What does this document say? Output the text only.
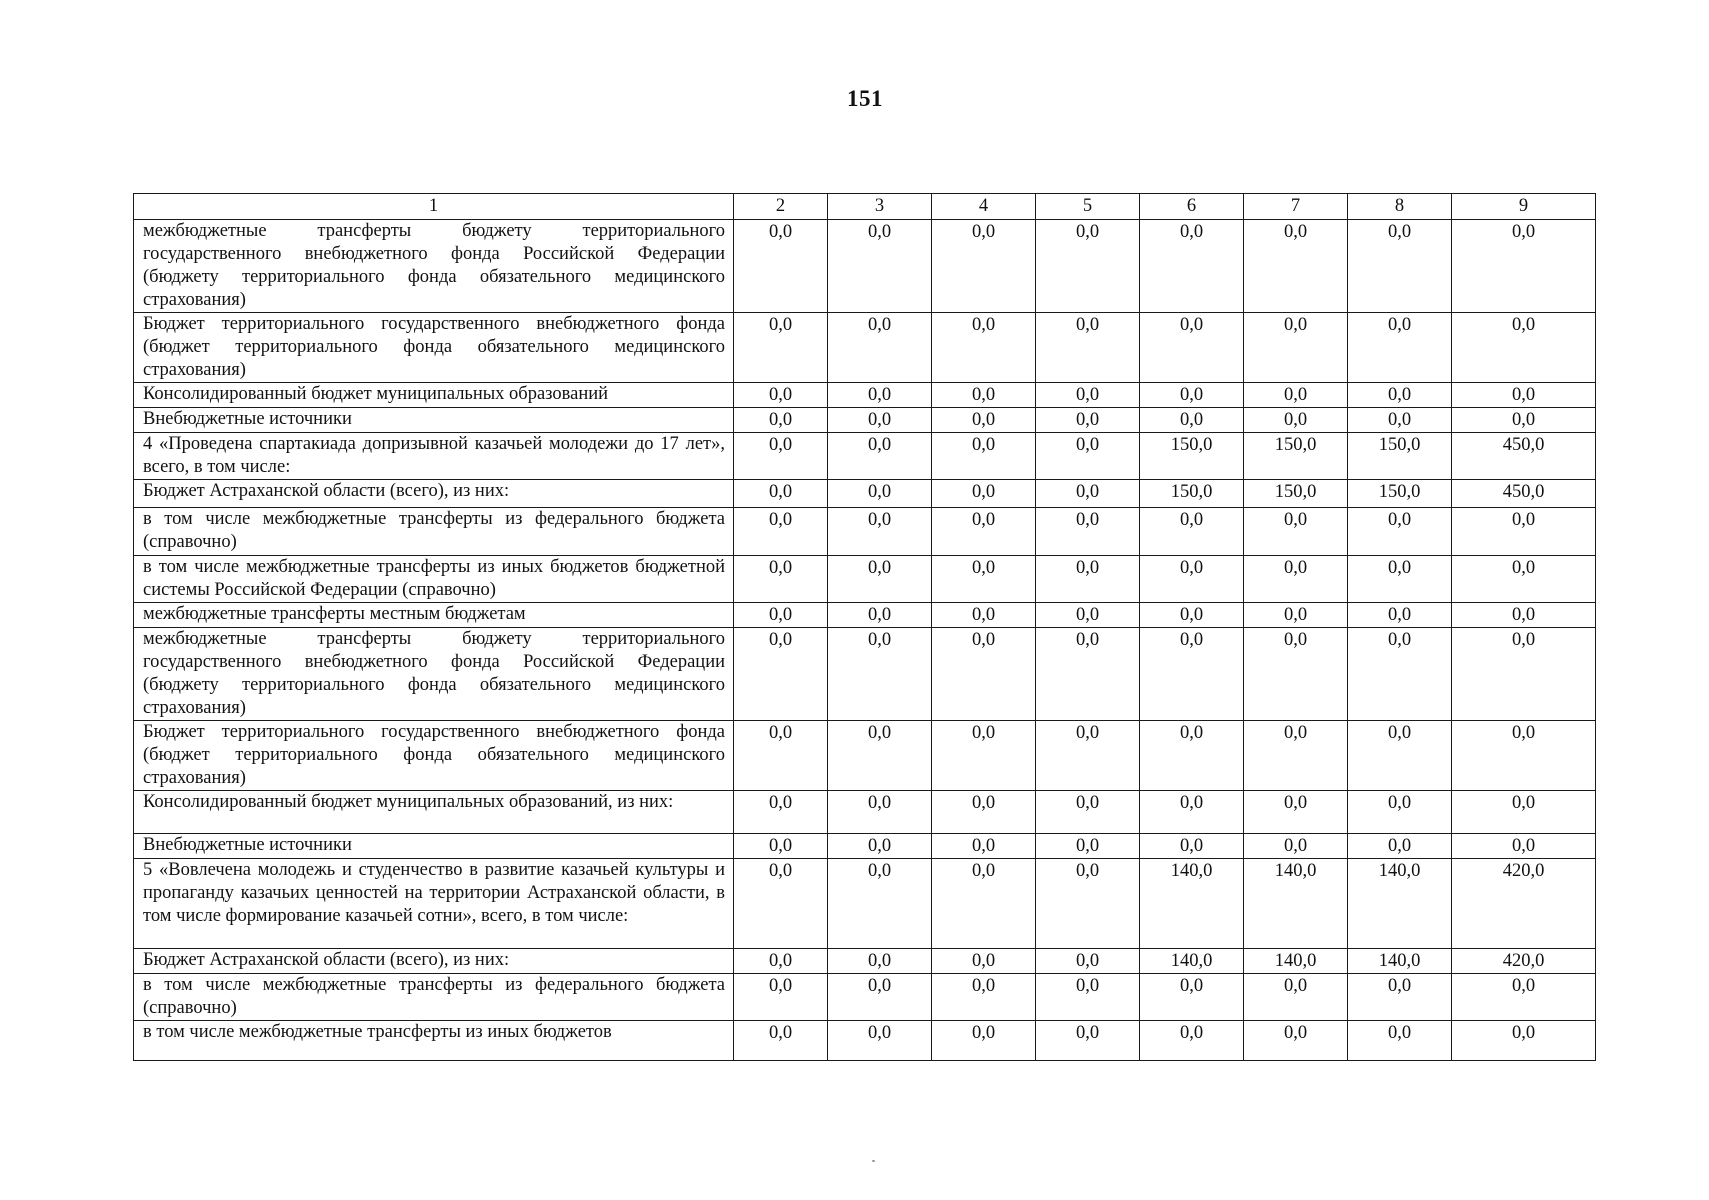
151
1	2	3	4	5	6	7	8	9
межбюджетные трансферты бюджету территориального государственного внебюджетного фонда Российской Федерации (бюджету территориального фонда обязательного медицинского страхования)	0,0	0,0	0,0	0,0	0,0	0,0	0,0	0,0
Бюджет территориального государственного внебюджетного фонда (бюджет территориального фонда обязательного медицинского страхования)	0,0	0,0	0,0	0,0	0,0	0,0	0,0	0,0
Консолидированный бюджет муниципальных образований	0,0	0,0	0,0	0,0	0,0	0,0	0,0	0,0
Внебюджетные источники	0,0	0,0	0,0	0,0	0,0	0,0	0,0	0,0
4 «Проведена спартакиада допризывной казачьей молодежи до 17 лет», всего, в том числе:	0,0	0,0	0,0	0,0	150,0	150,0	150,0	450,0
Бюджет Астраханской области (всего), из них:	0,0	0,0	0,0	0,0	150,0	150,0	150,0	450,0
в том числе межбюджетные трансферты из федерального бюджета (справочно)	0,0	0,0	0,0	0,0	0,0	0,0	0,0	0,0
в том числе межбюджетные трансферты из иных бюджетов бюджетной системы Российской Федерации (справочно)	0,0	0,0	0,0	0,0	0,0	0,0	0,0	0,0
межбюджетные трансферты местным бюджетам	0,0	0,0	0,0	0,0	0,0	0,0	0,0	0,0
межбюджетные трансферты бюджету территориального государственного внебюджетного фонда Российской Федерации (бюджету территориального фонда обязательного медицинского страхования)	0,0	0,0	0,0	0,0	0,0	0,0	0,0	0,0
Бюджет территориального государственного внебюджетного фонда (бюджет территориального фонда обязательного медицинского страхования)	0,0	0,0	0,0	0,0	0,0	0,0	0,0	0,0
Консолидированный бюджет муниципальных образований, из них:	0,0	0,0	0,0	0,0	0,0	0,0	0,0	0,0
Внебюджетные источники	0,0	0,0	0,0	0,0	0,0	0,0	0,0	0,0
5 «Вовлечена молодежь и студенчество в развитие казачьей культуры и пропаганду казачьих ценностей на территории Астраханской области, в том числе формирование казачьей сотни», всего, в том числе:	0,0	0,0	0,0	0,0	140,0	140,0	140,0	420,0
Бюджет Астраханской области (всего), из них:	0,0	0,0	0,0	0,0	140,0	140,0	140,0	420,0
в том числе межбюджетные трансферты из федерального бюджета (справочно)	0,0	0,0	0,0	0,0	0,0	0,0	0,0	0,0
в том числе межбюджетные трансферты из иных бюджетов	0,0	0,0	0,0	0,0	0,0	0,0	0,0	0,0
